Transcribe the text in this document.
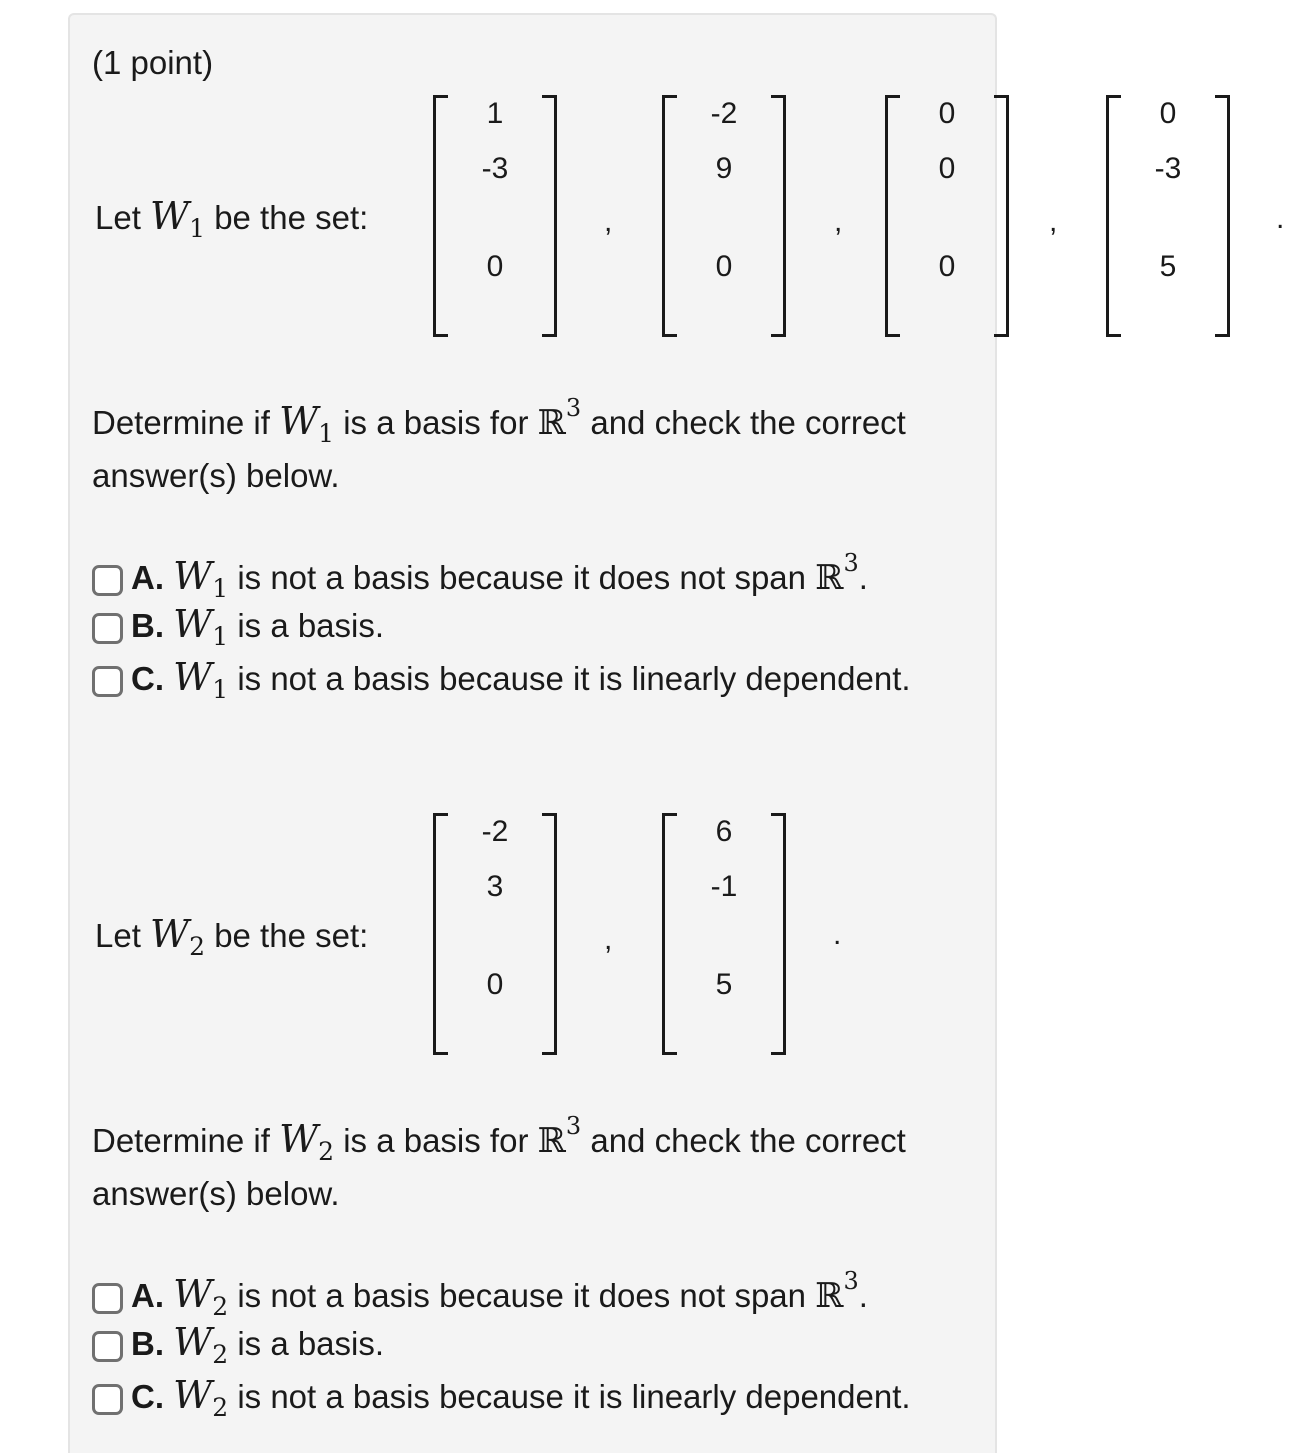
(1 point)
Let $W_1$ be the set:
1
-3
0
,
-2
9
0
,
0
0
0
,
0
-3
5
.
Determine if $W_1$ is a basis for ℝ$^3$ and check the correct answer(s) below.
A. $W_1$ is not a basis because it does not span ℝ$^3$.
B. $W_1$ is a basis.
C. $W_1$ is not a basis because it is linearly dependent.
Let $W_2$ be the set:
-2
3
0
,
6
-1
5
.
Determine if $W_2$ is a basis for ℝ$^3$ and check the correct answer(s) below.
A. $W_2$ is not a basis because it does not span ℝ$^3$.
B. $W_2$ is a basis.
C. $W_2$ is not a basis because it is linearly dependent.
